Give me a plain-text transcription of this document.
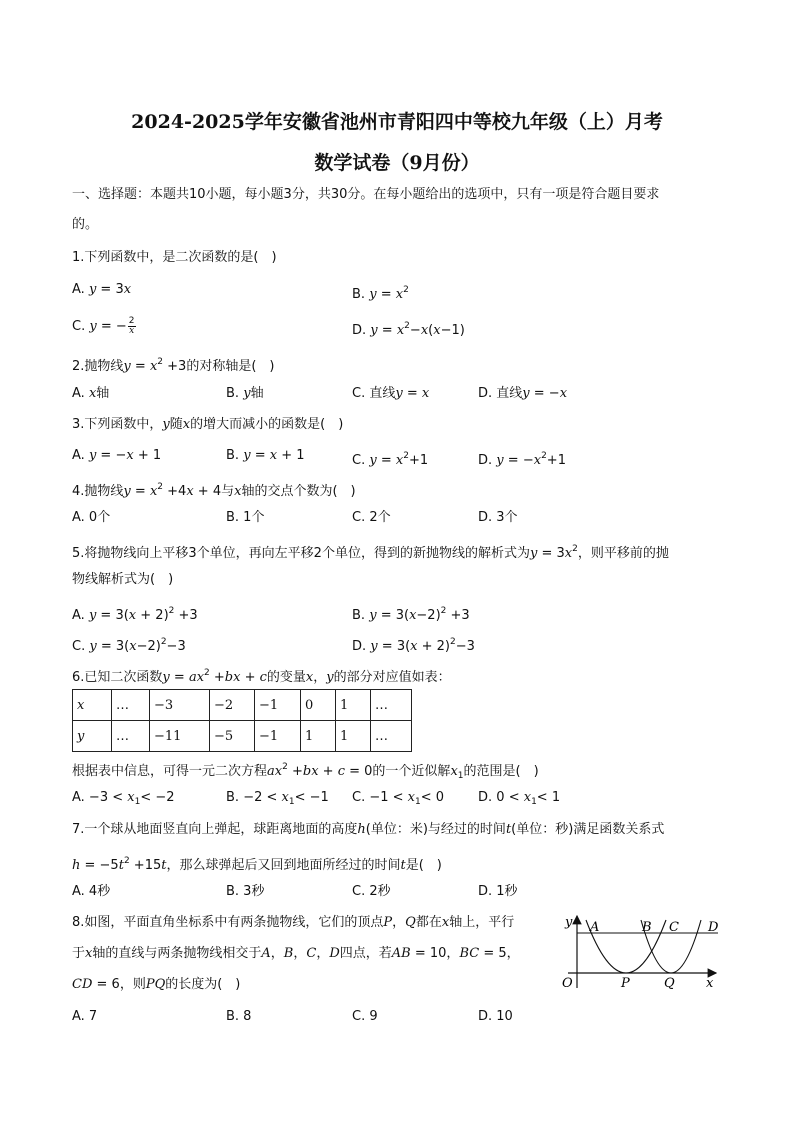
2024-2025学年安徽省池州市青阳四中等校九年级（上）月考
数学试卷（9月份）
一、选择题：本题共10小题，每小题3分，共30分。在每小题给出的选项中，只有一项是符合题目要求
的。
1.下列函数中，是二次函数的是(　)
A. y = 3x	B. $y = x^2$
C. y = − $\frac{2}{x}$	D. $y = x^2-x(x-1)$
2.抛物线$y = x^2 +3$的对称轴是(　)
A. x轴	B. y轴	C. 直线y = x	D. 直线y = −x
3.下列函数中，y随x的增大而减小的函数是(　)
A. y = −x + 1	B. y = x + 1	C. $y = x^2+1$	D. $y = -x^2+1$
4.抛物线$y = x^2 +4x + 4$与x轴的交点个数为(　)
A. 0个	B. 1个	C. 2个	D. 3个
5.将抛物线向上平移3个单位，再向左平移2个单位，得到的新抛物线的解析式为$y = 3x^2$，则平移前的抛
物线解析式为(　)
A. $y = 3(x + 2)^2 +3$	B. $y = 3(x-2)^2 +3$
C. $y = 3(x-2)^2-3$	D. $y = 3(x + 2)^2-3$
6.已知二次函数$y = ax^2 +bx + c$的变量x，y的部分对应值如表：
x	…	−3	−2	−1	0	1	…
y	…	−11	−5	−1	1	1	…
根据表中信息，可得一元二次方程$ax^2 +bx + c = 0$的一个近似解$x_1$的范围是(　)
A. $-3 < x_1< -2$	B. $-2 < x_1< -1$ C. $-1 < x_1< 0$	D. $0 < x_1< 1$
7.一个球从地面竖直向上弹起，球距离地面的高度h(单位：米)与经过的时间t(单位：秒)满足函数关系式
$h = -5t^2 +15t$，那么球弹起后又回到地面所经过的时间t是(　)
A. 4秒	B. 3秒	C. 2秒	D. 1秒
8.如图，平面直角坐标系中有两条抛物线，它们的顶点P，Q都在x轴上，平行
于x轴的直线与两条抛物线相交于A，B，C，D四点，若AB = 10，BC = 5，
CD = 6，则PQ的长度为(　)
A. 7	B. 8	C. 9	D. 10
y A	B C D
O	P	Q x
